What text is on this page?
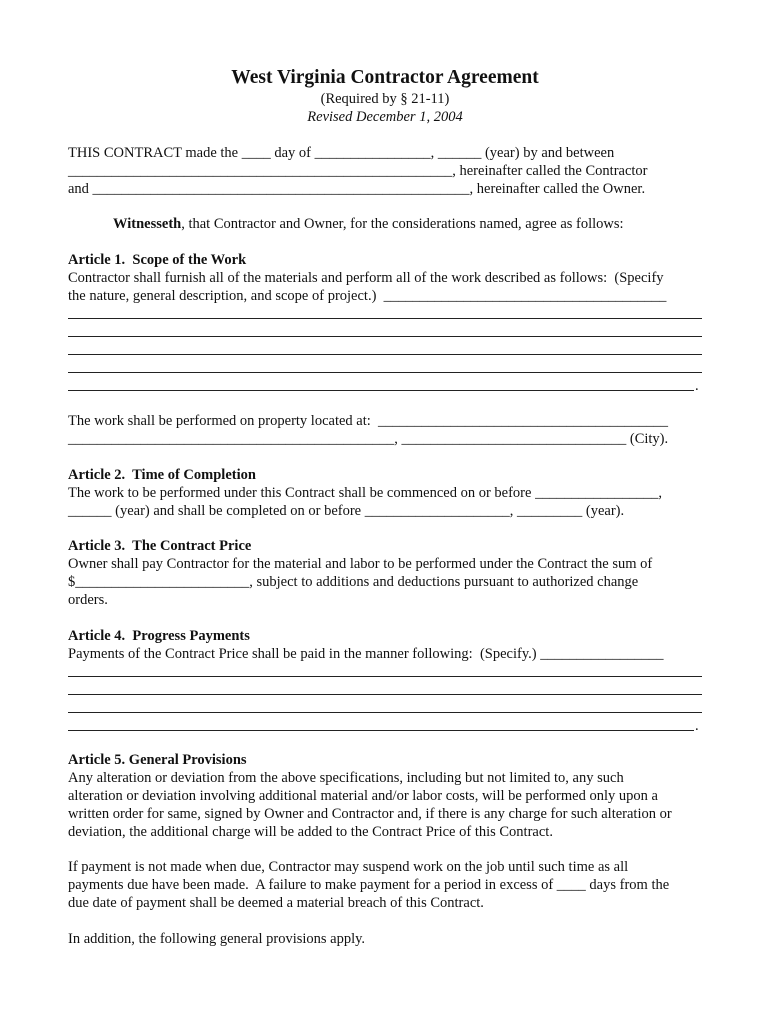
West Virginia Contractor Agreement
(Required by § 21-11)
Revised December 1, 2004
THIS CONTRACT made the ____ day of ________________, ______ (year) by and between
_____________________________________________________, hereinafter called the Contractor
and ____________________________________________________, hereinafter called the Owner.
Witnesseth, that Contractor and Owner, for the considerations named, agree as follows:
Article 1.  Scope of the Work
Contractor shall furnish all of the materials and perform all of the work described as follows:  (Specify
the nature, general description, and scope of project.)  _______________________________________
.
The work shall be performed on property located at:  ________________________________________
_____________________________________________, _______________________________ (City).
Article 2.  Time of Completion
The work to be performed under this Contract shall be commenced on or before _________________,
______ (year) and shall be completed on or before ____________________, _________ (year).
Article 3.  The Contract Price
Owner shall pay Contractor for the material and labor to be performed under the Contract the sum of
$________________________, subject to additions and deductions pursuant to authorized change
orders.
Article 4.  Progress Payments
Payments of the Contract Price shall be paid in the manner following:  (Specify.) _________________
.
Article 5. General Provisions
Any alteration or deviation from the above specifications, including but not limited to, any such
alteration or deviation involving additional material and/or labor costs, will be performed only upon a
written order for same, signed by Owner and Contractor and, if there is any charge for such alteration or
deviation, the additional charge will be added to the Contract Price of this Contract.
If payment is not made when due, Contractor may suspend work on the job until such time as all
payments due have been made.  A failure to make payment for a period in excess of ____ days from the
due date of payment shall be deemed a material breach of this Contract.
In addition, the following general provisions apply.
